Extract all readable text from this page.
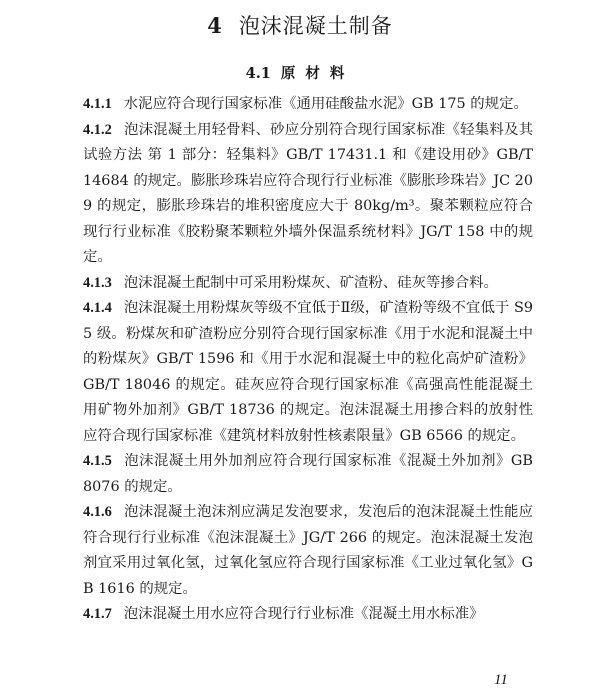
4 泡沫混凝土制备
4.1 原材料

4.1.1 水泥应符合现行国家标准《通用硅酸盐水泥》GB 175 的规定。

4.1.2 泡沫混凝土用轻骨料、砂应分别符合现行国家标准《轻集料及其试验方法 第 1 部分：轻集料》GB/T 17431.1 和《建设用砂》GB/T 14684 的规定。膨胀珍珠岩应符合现行行业标准《膨胀珍珠岩》JC 209 的规定，膨胀珍珠岩的堆积密度应大于 80kg/m³。聚苯颗粒应符合现行行业标准《胶粉聚苯颗粒外墙外保温系统材料》JG/T 158 中的规定。

4.1.3 泡沫混凝土配制中可采用粉煤灰、矿渣粉、硅灰等掺合料。

4.1.4 泡沫混凝土用粉煤灰等级不宜低于Ⅱ级，矿渣粉等级不宜低于 S95 级。粉煤灰和矿渣粉应分别符合现行国家标准《用于水泥和混凝土中的粉煤灰》GB/T 1596 和《用于水泥和混凝土中的粒化高炉矿渣粉》GB/T 18046 的规定。硅灰应符合现行国家标准《高强高性能混凝土用矿物外加剂》GB/T 18736 的规定。泡沫混凝土用掺合料的放射性应符合现行国家标准《建筑材料放射性核素限量》GB 6566 的规定。

4.1.5 泡沫混凝土用外加剂应符合现行国家标准《混凝土外加剂》GB 8076 的规定。

4.1.6 泡沫混凝土泡沫剂应满足发泡要求，发泡后的泡沫混凝土性能应符合现行行业标准《泡沫混凝土》JG/T 266 的规定。泡沫混凝土发泡剂宜采用过氧化氢，过氧化氢应符合现行国家标准《工业过氧化氢》GB 1616 的规定。

4.1.7 泡沫混凝土用水应符合现行行业标准《混凝土用水标准》

11
